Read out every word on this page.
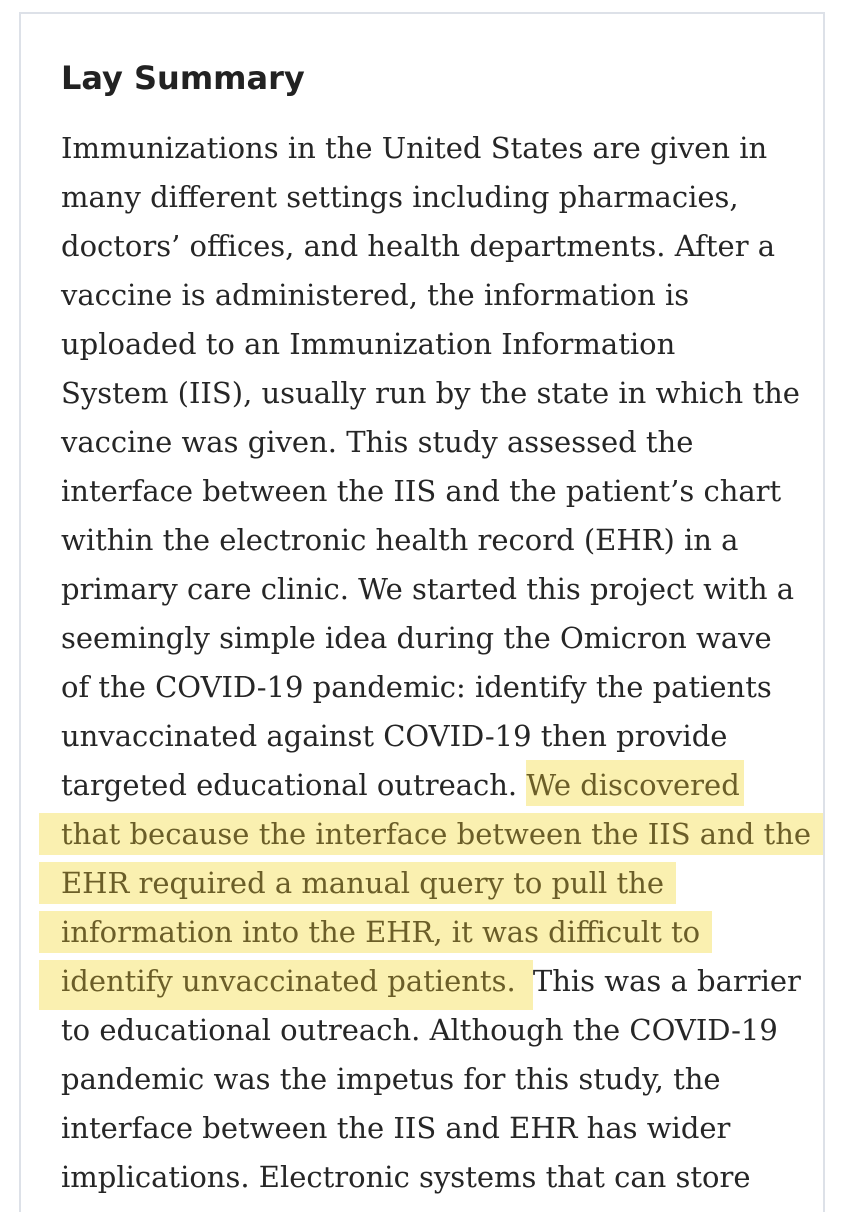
Lay Summary
Immunizations in the United States are given in
many different settings including pharmacies,
doctors’ offices, and health departments. After a
vaccine is administered, the information is
uploaded to an Immunization Information
System (IIS), usually run by the state in which the
vaccine was given. This study assessed the
interface between the IIS and the patient’s chart
within the electronic health record (EHR) in a
primary care clinic. We started this project with a
seemingly simple idea during the Omicron wave
of the COVID-19 pandemic: identify the patients
unvaccinated against COVID-19 then provide
targeted educational outreach. We discovered
that because the interface between the IIS and the
EHR required a manual query to pull the
information into the EHR, it was difficult to
identify unvaccinated patients. This was a barrier
to educational outreach. Although the COVID-19
pandemic was the impetus for this study, the
interface between the IIS and EHR has wider
implications. Electronic systems that can store
